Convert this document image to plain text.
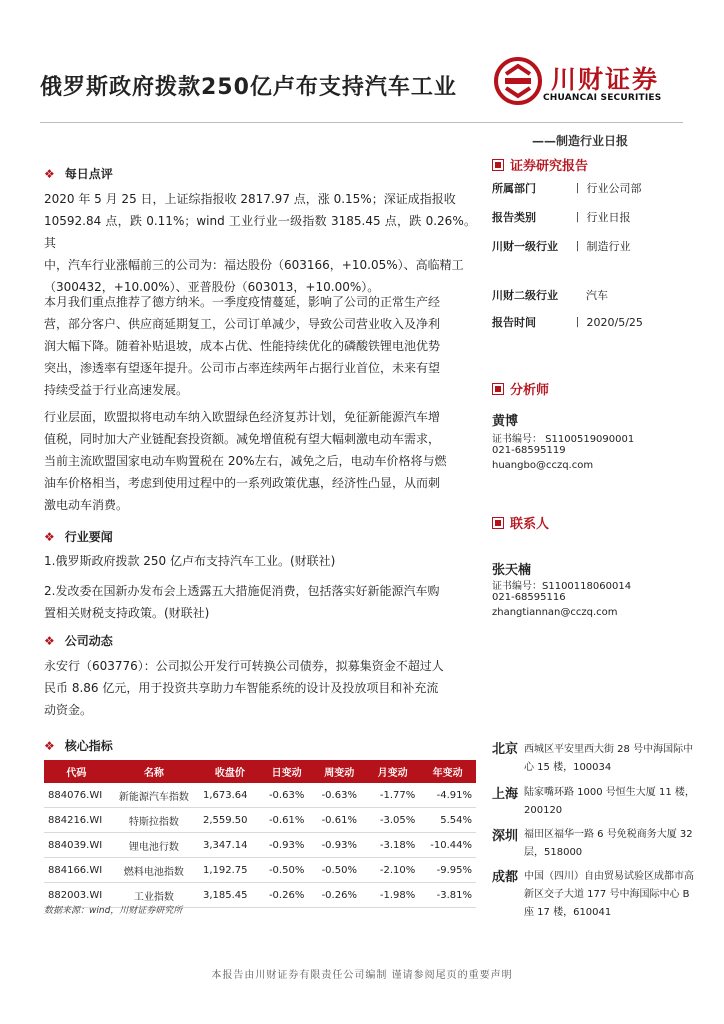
俄罗斯政府拨款250亿卢布支持汽车工业	川财证券
CHUANCAI SECURITIES
——制造行业日报
❖ 每日点评
2020 年 5 月 25 日，上证综指报收 2817.97 点，涨 0.15%；深证成指报收
10592.84 点，跌 0.11%；wind 工业行业一级指数 3185.45 点，跌 0.26%。其
中，汽车行业涨幅前三的公司为：福达股份（603166，+10.05%）、高临精工
（300432，+10.00%）、亚普股份（603013，+10.00%）。
本月我们重点推荐了德方纳米。一季度疫情蔓延，影响了公司的正常生产经
营，部分客户、供应商延期复工，公司订单减少，导致公司营业收入及净利
润大幅下降。随着补贴退坡，成本占优、性能持续优化的磷酸铁锂电池优势
突出，渗透率有望逐年提升。公司市占率连续两年占据行业首位，未来有望
持续受益于行业高速发展。
行业层面，欧盟拟将电动车纳入欧盟绿色经济复苏计划，免征新能源汽车增
值税，同时加大产业链配套投资额。减免增值税有望大幅刺激电动车需求，
当前主流欧盟国家电动车购置税在 20%左右，减免之后，电动车价格将与燃
油车价格相当，考虑到使用过程中的一系列政策优惠，经济性凸显，从而刺
激电动车消费。
❖ 行业要闻
1.俄罗斯政府拨款 250 亿卢布支持汽车工业。(财联社)
2.发改委在国新办发布会上透露五大措施促消费，包括落实好新能源汽车购
置相关财税支持政策。(财联社)
❖ 公司动态
永安行（603776）：公司拟公开发行可转换公司债券，拟募集资金不超过人
民币 8.86 亿元，用于投资共享助力车智能系统的设计及投放项目和补充流
动资金。
❖ 核心指标
代码	名称	收盘价	日变动	周变动	月变动	年变动
884076.WI	新能源汽车指数	1,673.64	-0.63%	-0.63%	-1.77%	-4.91%
884216.WI	特斯拉指数	2,559.50	-0.61%	-0.61%	-3.05%	5.54%
884039.WI	锂电池行数	3,347.14	-0.93%	-0.93%	-3.18%	-10.44%
884166.WI	燃料电池指数	1,192.75	-0.50%	-0.50%	-2.10%	-9.95%
882003.WI	工业指数	3,185.45	-0.26%	-0.26%	-1.98%	-3.81%
数据来源：wind，川财证券研究所
证券研究报告
所属部门	丨 行业公司部
报告类别	丨 行业日报
川财一级行业 丨 制造行业
川财二级行业	汽车
报告时间	丨 2020/5/25
分析师
黄博
证书编号： S1100519090001
021-68595119
huangbo@cczq.com
联系人
张天楠
证书编号：S1100118060014
021-68595116
zhangtiannan@cczq.com
北京 西城区平安里西大街 28 号中海国际中心 15 楼，100034
上海 陆家嘴环路 1000 号恒生大厦 11 楼，200120
深圳 福田区福华一路 6 号免税商务大厦 32 层，518000
成都 中国（四川）自由贸易试验区成都市高新区交子大道 177 号中海国际中心 B 座 17 楼，610041
本报告由川财证券有限责任公司编制 谨请参阅尾页的重要声明
